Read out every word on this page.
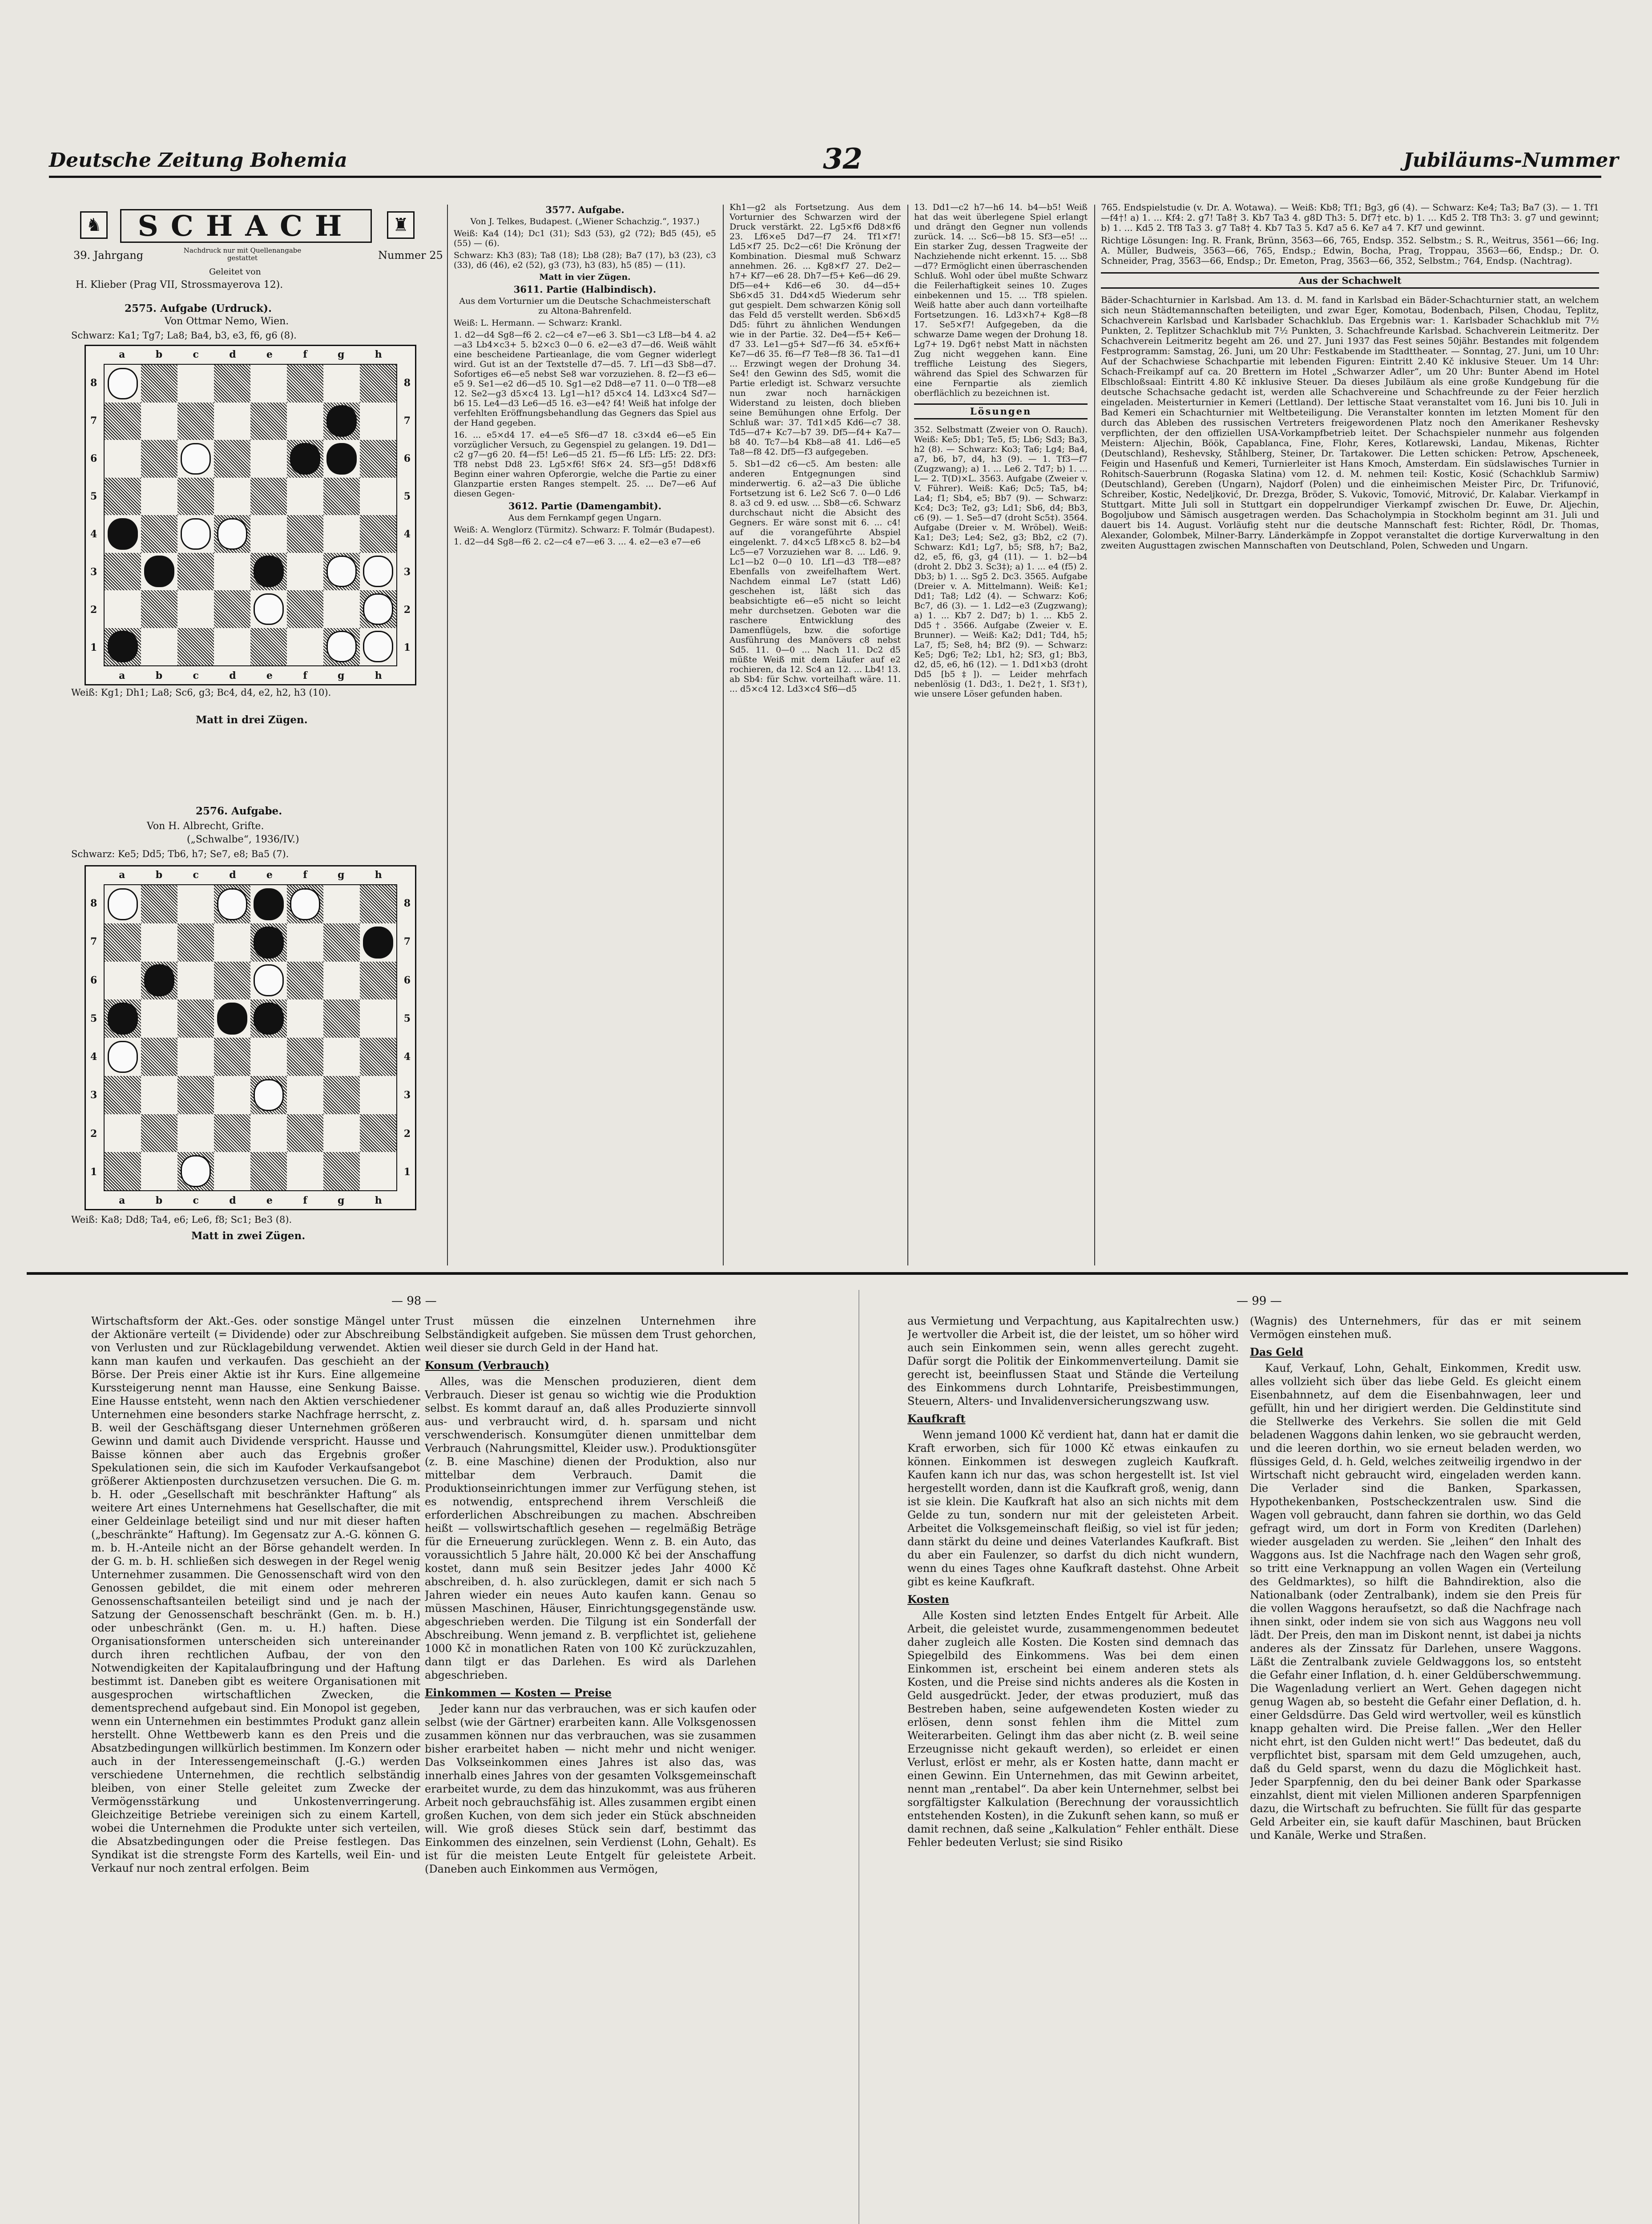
Deutsche Zeitung Bohemia	32	Jubiläums-Nummer
♞	SCHACH	♜
39. Jahrgang	Nachdruck nur mit Quellenangabe gestattet	Nummer 25
Geleitet von
H. Klieber (Prag VII, Strossmayerova 12).
2575. Aufgabe (Urdruck).
Von Ottmar Nemo, Wien.
Schwarz: Ka1; Tg7; La8; Ba4, b3, e3, f6, g6 (8).
a	b	c	d	e	f	g	h
8
7
6
5
4
3
2
1
8
7
6
5
4
3
2
1
a	b	c	d	e	f	g	h
Weiß: Kg1; Dh1; La8; Sc6, g3; Bc4, d4, e2, h2, h3 (10).
Matt in drei Zügen.
2576. Aufgabe.
Von H. Albrecht, Grifte.
(„Schwalbe“, 1936/IV.)
Schwarz: Ke5; Dd5; Tb6, h7; Se7, e8; Ba5 (7).
a	b	c	d	e	f	g	h
8
7
6
5
4
3
2
1
8
7
6
5
4
3
2
1
a	b	c	d	e	f	g	h
Weiß: Ka8; Dd8; Ta4, e6; Le6, f8; Sc1; Be3 (8).
Matt in zwei Zügen.
3577. Aufgabe.

Von J. Telkes, Budapest. („Wiener Schachzig.“, 1937.)

Weiß: Ka4 (14); Dc1 (31); Sd3 (53), g2 (72); Bd5 (45), e5 (55) — (6).

Schwarz: Kh3 (83); Ta8 (18); Lb8 (28); Ba7 (17), b3 (23), c3 (33), d6 (46), e2 (52), g3 (73), h3 (83), h5 (85) — (11).

Matt in vier Zügen.

3611. Partie (Halbindisch).

Aus dem Vorturnier um die Deutsche Schachmeisterschaft zu Altona-Bahrenfeld.

Weiß: L. Hermann. — Schwarz: Krankl.

1. d2—d4 Sg8—f6 2. c2—c4 e7—e6 3. Sb1—c3 Lf8—b4 4. a2—a3 Lb4×c3+ 5. b2×c3 0—0 6. e2—e3 d7—d6. Weiß wählt eine bescheidene Partieanlage, die vom Gegner widerlegt wird. Gut ist an der Textstelle d7—d5. 7. Lf1—d3 Sb8—d7. Sofortiges e6—e5 nebst Se8 war vorzuziehen. 8. f2—f3 e6—e5 9. Se1—e2 d6—d5 10. Sg1—e2 Dd8—e7 11. 0—0 Tf8—e8 12. Se2—g3 d5×c4 13. Lg1—h1? d5×c4 14. Ld3×c4 Sd7—b6 15. Le4—d3 Le6—d5 16. e3—e4? f4! Weiß hat infolge der verfehlten Eröffnungsbehandlung das Gegners das Spiel aus der Hand gegeben.

16. ... e5×d4 17. e4—e5 Sf6—d7 18. c3×d4 e6—e5 Ein vorzüglicher Versuch, zu Gegenspiel zu gelangen. 19. Dd1—c2 g7—g6 20. f4—f5! Le6—d5 21. f5—f6 Lf5: Lf5: 22. Df3: Tf8 nebst Dd8 23. Lg5×f6! Sf6× 24. Sf3—g5! Dd8×f6 Beginn einer wahren Opferorgie, welche die Partie zu einer Glanzpartie ersten Ranges stempelt. 25. ... De7—e6 Auf diesen Gegen-

3612. Partie (Damengambit).

Aus dem Fernkampf gegen Ungarn.

Weiß: A. Wenglorz (Türmitz). Schwarz: F. Tolmár (Budapest).

1. d2—d4 Sg8—f6 2. c2—c4 e7—e6 3. ... 4. e2—e3 e7—e6

Kh1—g2 als Fortsetzung. Aus dem Vorturnier des Schwarzen wird der Druck verstärkt. 22. Lg5×f6 Dd8×f6 23. Lf6×e5 Dd7—f7 24. Tf1×f7! Ld5×f7 25. Dc2—c6! Die Krönung der Kombination. Diesmal muß Schwarz annehmen. 26. ... Kg8×f7 27. De2—h7+ Kf7—e6 28. Dh7—f5+ Ke6—d6 29. Df5—e4+ Kd6—e6 30. d4—d5+ Sb6×d5 31. Dd4×d5 Wiederum sehr gut gespielt. Dem schwarzen König soll das Feld d5 verstellt werden. Sb6×d5 Dd5: führt zu ähnlichen Wendungen wie in der Partie. 32. De4—f5+ Ke6—d7 33. Le1—g5+ Sd7—f6 34. e5×f6+ Ke7—d6 35. f6—f7 Te8—f8 36. Ta1—d1 ... Erzwingt wegen der Drohung 34. Se4! den Gewinn des Sd5, womit die Partie erledigt ist. Schwarz versuchte nun zwar noch harnäckigen Widerstand zu leisten, doch blieben seine Bemühungen ohne Erfolg. Der Schluß war: 37. Td1×d5 Kd6—c7 38. Td5—d7+ Kc7—b7 39. Df5—f4+ Ka7—b8 40. Tc7—b4 Kb8—a8 41. Ld6—e5 Ta8—f8 42. Df5—f3 aufgegeben.

5. Sb1—d2 c6—c5. Am besten: alle anderen Entgegnungen sind minderwertig. 6. a2—a3 Die übliche Fortsetzung ist 6. Le2 Sc6 7. 0—0 Ld6 8. a3 cd 9. ed usw. ... Sb8—c6. Schwarz durchschaut nicht die Absicht des Gegners. Er wäre sonst mit 6. ... c4! auf die vorangeführte Abspiel eingelenkt. 7. d4×c5 Lf8×c5 8. b2—b4 Lc5—e7 Vorzuziehen war 8. ... Ld6. 9. Lc1—b2 0—0 10. Lf1—d3 Tf8—e8? Ebenfalls von zweifelhaftem Wert. Nachdem einmal Le7 (statt Ld6) geschehen ist, läßt sich das beabsichtigte e6—e5 nicht so leicht mehr durchsetzen. Geboten war die raschere Entwicklung des Damenflügels, bzw. die sofortige Ausführung des Manövers c8 nebst Sd5. 11. 0—0 ... Nach 11. Dc2 d5 müßte Weiß mit dem Läufer auf e2 rochieren, da 12. Sc4 an 12. ... Lb4! 13. ab Sb4: für Schw. vorteilhaft wäre. 11. ... d5×c4 12. Ld3×c4 Sf6—d5

13. Dd1—c2 h7—h6 14. b4—b5! Weiß hat das weit überlegene Spiel erlangt und drängt den Gegner nun vollends zurück. 14. ... Sc6—b8 15. Sf3—e5! ... Ein starker Zug, dessen Tragweite der Nachziehende nicht erkennt. 15. ... Sb8—d7? Ermöglicht einen überraschenden Schluß. Wohl oder übel mußte Schwarz die Feilerhaftigkeit seines 10. Zuges einbekennen und 15. ... Tf8 spielen. Weiß hatte aber auch dann vorteilhafte Fortsetzungen. 16. Ld3×h7+ Kg8—f8 17. Se5×f7! Aufgegeben, da die schwarze Dame wegen der Drohung 18. Lg7+ 19. Dg6† nebst Matt in nächsten Zug nicht weggehen kann. Eine treffliche Leistung des Siegers, während das Spiel des Schwarzen für eine Fernpartie als ziemlich oberflächlich zu bezeichnen ist.

Lösungen

352. Selbstmatt (Zweier von O. Rauch). Weiß: Ke5; Db1; Te5, f5; Lb6; Sd3; Ba3, h2 (8). — Schwarz: Ko3; Ta6; Lg4; Ba4, a7, b6, b7, d4, h3 (9). — 1. Tf3—f7 (Zugzwang); a) 1. ... Le6 2. Td7; b) 1. ... L— 2. T(D)×L. 3563. Aufgabe (Zweier v. V. Führer). Weiß: Ka6; Dc5; Ta5, b4; La4; f1; Sb4, e5; Bb7 (9). — Schwarz: Kc4; Dc3; Te2, g3; Ld1; Sb6, d4; Bb3, c6 (9). — 1. Se5—d7 (droht Sc5‡). 3564. Aufgabe (Dreier v. M. Wröbel). Weiß: Ka1; De3; Le4; Se2, g3; Bb2, c2 (7). Schwarz: Kd1; Lg7, b5; Sf8, h7; Ba2, d2, e5, f6, g3, g4 (11). — 1. b2—b4 (droht 2. Db2 3. Sc3‡); a) 1. ... e4 (f5) 2. Db3; b) 1. ... Sg5 2. Dc3. 3565. Aufgabe (Dreier v. A. Mittelmann). Weiß: Ke1; Dd1; Ta8; Ld2 (4). — Schwarz: Ko6; Bc7, d6 (3). — 1. Ld2—e3 (Zugzwang); a) 1. ... Kb7 2. Dd7; b) 1. ... Kb5 2. Dd5†. 3566. Aufgabe (Zweier v. E. Brunner). — Weiß: Ka2; Dd1; Td4, h5; La7, f5; Se8, h4; Bf2 (9). — Schwarz: Ke5; Dg6; Te2; Lb1, h2; Sf3, g1; Bb3, d2, d5, e6, h6 (12). — 1. Dd1×b3 (droht Dd5 [b5‡]). — Leider mehrfach nebenlösig (1. Dd3:, 1. De2†, 1. Sf3†), wie unsere Löser gefunden haben.

765. Endspielstudie (v. Dr. A. Wotawa). — Weiß: Kb8; Tf1; Bg3, g6 (4). — Schwarz: Ke4; Ta3; Ba7 (3). — 1. Tf1—f4†! a) 1. ... Kf4: 2. g7! Ta8† 3. Kb7 Ta3 4. g8D Th3: 5. Df7† etc. b) 1. ... Kd5 2. Tf8 Th3: 3. g7 und gewinnt; b) 1. ... Kd5 2. Tf8 Ta3 3. g7 Ta8† 4. Kb7 Ta3 5. Kd7 a5 6. Ke7 a4 7. Kf7 und gewinnt.

Richtige Lösungen: Ing. R. Frank, Brünn, 3563—66, 765, Endsp. 352. Selbstm.; S. R., Weitrus, 3561—66; Ing. A. Müller, Budweis, 3563—66, 765, Endsp.; Edwin, Bocha, Prag, Troppau, 3563—66, Endsp.; Dr. O. Schneider, Prag, 3563—66, Endsp.; Dr. Emeton, Prag, 3563—66, 352, Selbstm.; 764, Endsp. (Nachtrag).

Aus der Schachwelt

Bäder-Schachturnier in Karlsbad. Am 13. d. M. fand in Karlsbad ein Bäder-Schachturnier statt, an welchem sich neun Städtemannschaften beteiligten, und zwar Eger, Komotau, Bodenbach, Pilsen, Chodau, Teplitz, Schachverein Karlsbad und Karlsbader Schachklub. Das Ergebnis war: 1. Karlsbader Schachklub mit 7½ Punkten, 2. Teplitzer Schachklub mit 7½ Punkten, 3. Schachfreunde Karlsbad. Schachverein Leitmeritz. Der Schachverein Leitmeritz begeht am 26. und 27. Juni 1937 das Fest seines 50jähr. Bestandes mit folgendem Festprogramm: Samstag, 26. Juni, um 20 Uhr: Festkabende im Stadttheater. — Sonntag, 27. Juni, um 10 Uhr: Auf der Schachwiese Schachpartie mit lebenden Figuren: Eintritt 2.40 Kč inklusive Steuer. Um 14 Uhr: Schach-Freikampf auf ca. 20 Brettern im Hotel „Schwarzer Adler“, um 20 Uhr: Bunter Abend im Hotel Elbschloßsaal: Eintritt 4.80 Kč inklusive Steuer. Da dieses Jubiläum als eine große Kundgebung für die deutsche Schachsache gedacht ist, werden alle Schachvereine und Schachfreunde zu der Feier herzlich eingeladen. Meisterturnier in Kemeri (Lettland). Der lettische Staat veranstaltet vom 16. Juni bis 10. Juli in Bad Kemeri ein Schachturnier mit Weltbeteiligung. Die Veranstalter konnten im letzten Moment für den durch das Ableben des russischen Vertreters freigewordenen Platz noch den Amerikaner Reshevsky verpflichten, der den offiziellen USA-Vorkampfbetrieb leitet. Der Schachspieler nunmehr aus folgenden Meistern: Aljechin, Böök, Capablanca, Fine, Flohr, Keres, Kotlarewski, Landau, Mikenas, Richter (Deutschland), Reshevsky, Ståhlberg, Steiner, Dr. Tartakower. Die Letten schicken: Petrow, Apscheneek, Feigin und Hasenfuß und Kemeri, Turnierleiter ist Hans Kmoch, Amsterdam. Ein südslawisches Turnier in Rohitsch-Sauerbrunn (Rogaska Slatina) vom 12. d. M. nehmen teil: Kostic, Kosić (Schachklub Sarmiw) (Deutschland), Gereben (Ungarn), Najdorf (Polen) und die einheimischen Meister Pirc, Dr. Trifunović, Schreiber, Kostic, Nedeljković, Dr. Drezga, Bröder, S. Vukovic, Tomović, Mitrović, Dr. Kalabar. Vierkampf in Stuttgart. Mitte Juli soll in Stuttgart ein doppelrundiger Vierkampf zwischen Dr. Euwe, Dr. Aljechin, Bogoljubow und Sämisch ausgetragen werden. Das Schacholympia in Stockholm beginnt am 31. Juli und dauert bis 14. August. Vorläufig steht nur die deutsche Mannschaft fest: Richter, Rödl, Dr. Thomas, Alexander, Golombek, Milner-Barry. Länderkämpfe in Zoppot veranstaltet die dortige Kurverwaltung in den zweiten Augusttagen zwischen Mannschaften von Deutschland, Polen, Schweden und Ungarn.

— 98 —	— 99 —

Wirtschaftsform der Akt.-Ges. oder sonstige Mängel unter der Aktionäre verteilt (= Dividende) oder zur Abschreibung von Verlusten und zur Rücklagebildung verwendet. Aktien kann man kaufen und verkaufen. Das geschieht an der Börse. Der Preis einer Aktie ist ihr Kurs. Eine allgemeine Kurssteigerung nennt man Hausse, eine Senkung Baisse. Eine Hausse entsteht, wenn nach den Aktien verschiedener Unternehmen eine besonders starke Nachfrage herrscht, z. B. weil der Geschäftsgang dieser Unternehmen größeren Gewinn und damit auch Dividende verspricht. Hausse und Baisse können aber auch das Ergebnis großer Spekulationen sein, die sich im Kaufoder Verkaufsangebot größerer Aktienposten durchzusetzen versuchen. Die G. m. b. H. oder „Gesellschaft mit beschränkter Haftung“ als weitere Art eines Unternehmens hat Gesellschafter, die mit einer Geldeinlage beteiligt sind und nur mit dieser haften („beschränkte“ Haftung). Im Gegensatz zur A.-G. können G. m. b. H.-Anteile nicht an der Börse gehandelt werden. In der G. m. b. H. schließen sich deswegen in der Regel wenig Unternehmer zusammen. Die Genossenschaft wird von den Genossen gebildet, die mit einem oder mehreren Genossenschaftsanteilen beteiligt sind und je nach der Satzung der Genossenschaft beschränkt (Gen. m. b. H.) oder unbeschränkt (Gen. m. u. H.) haften. Diese Organisationsformen unterscheiden sich untereinander durch ihren rechtlichen Aufbau, der von den Notwendigkeiten der Kapitalaufbringung und der Haftung bestimmt ist. Daneben gibt es weitere Organisationen mit ausgesprochen wirtschaftlichen Zwecken, die dementsprechend aufgebaut sind. Ein Monopol ist gegeben, wenn ein Unternehmen ein bestimmtes Produkt ganz allein herstellt. Ohne Wettbewerb kann es den Preis und die Absatzbedingungen willkürlich bestimmen. Im Konzern oder auch in der Interessengemeinschaft (J.-G.) werden verschiedene Unternehmen, die rechtlich selbständig bleiben, von einer Stelle geleitet zum Zwecke der Vermögensstärkung und Unkostenverringerung. Gleichzeitige Betriebe vereinigen sich zu einem Kartell, wobei die Unternehmen die Produkte unter sich verteilen, die Absatzbedingungen oder die Preise festlegen. Das Syndikat ist die strengste Form des Kartells, weil Ein- und Verkauf nur noch zentral erfolgen. Beim

Trust müssen die einzelnen Unternehmen ihre Selbständigkeit aufgeben. Sie müssen dem Trust gehorchen, weil dieser sie durch Geld in der Hand hat.

Konsum (Verbrauch)

Alles, was die Menschen produzieren, dient dem Verbrauch. Dieser ist genau so wichtig wie die Produktion selbst. Es kommt darauf an, daß alles Produzierte sinnvoll aus- und verbraucht wird, d. h. sparsam und nicht verschwenderisch. Konsumgüter dienen unmittelbar dem Verbrauch (Nahrungsmittel, Kleider usw.). Produktionsgüter (z. B. eine Maschine) dienen der Produktion, also nur mittelbar dem Verbrauch. Damit die Produktionseinrichtungen immer zur Verfügung stehen, ist es notwendig, entsprechend ihrem Verschleiß die erforderlichen Abschreibungen zu machen. Abschreiben heißt — vollswirtschaftlich gesehen — regelmäßig Beträge für die Erneuerung zurücklegen. Wenn z. B. ein Auto, das voraussichtlich 5 Jahre hält, 20.000 Kč bei der Anschaffung kostet, dann muß sein Besitzer jedes Jahr 4000 Kč abschreiben, d. h. also zurücklegen, damit er sich nach 5 Jahren wieder ein neues Auto kaufen kann. Genau so müssen Maschinen, Häuser, Einrichtungsgegenstände usw. abgeschrieben werden. Die Tilgung ist ein Sonderfall der Abschreibung. Wenn jemand z. B. verpflichtet ist, geliehene 1000 Kč in monatlichen Raten von 100 Kč zurückzuzahlen, dann tilgt er das Darlehen. Es wird als Darlehen abgeschrieben.

Einkommen — Kosten — Preise

Jeder kann nur das verbrauchen, was er sich kaufen oder selbst (wie der Gärtner) erarbeiten kann. Alle Volksgenossen zusammen können nur das verbrauchen, was sie zusammen bisher erarbeitet haben — nicht mehr und nicht weniger. Das Volkseinkommen eines Jahres ist also das, was innerhalb eines Jahres von der gesamten Volksgemeinschaft erarbeitet wurde, zu dem das hinzukommt, was aus früheren Arbeit noch gebrauchsfähig ist. Alles zusammen ergibt einen großen Kuchen, von dem sich jeder ein Stück abschneiden will. Wie groß dieses Stück sein darf, bestimmt das Einkommen des einzelnen, sein Verdienst (Lohn, Gehalt). Es ist für die meisten Leute Entgelt für geleistete Arbeit. (Daneben auch Einkommen aus Vermögen,

aus Vermietung und Verpachtung, aus Kapitalrechten usw.) Je wertvoller die Arbeit ist, die der leistet, um so höher wird auch sein Einkommen sein, wenn alles gerecht zugeht. Dafür sorgt die Politik der Einkommenverteilung. Damit sie gerecht ist, beeinflussen Staat und Stände die Verteilung des Einkommens durch Lohntarife, Preisbestimmungen, Steuern, Alters- und Invalidenversicherungszwang usw.

Kaufkraft

Wenn jemand 1000 Kč verdient hat, dann hat er damit die Kraft erworben, sich für 1000 Kč etwas einkaufen zu können. Einkommen ist deswegen zugleich Kaufkraft. Kaufen kann ich nur das, was schon hergestellt ist. Ist viel hergestellt worden, dann ist die Kaufkraft groß, wenig, dann ist sie klein. Die Kaufkraft hat also an sich nichts mit dem Gelde zu tun, sondern nur mit der geleisteten Arbeit. Arbeitet die Volksgemeinschaft fleißig, so viel ist für jeden; dann stärkt du deine und deines Vaterlandes Kaufkraft. Bist du aber ein Faulenzer, so darfst du dich nicht wundern, wenn du eines Tages ohne Kaufkraft dastehst. Ohne Arbeit gibt es keine Kaufkraft.

Kosten

Alle Kosten sind letzten Endes Entgelt für Arbeit. Alle Arbeit, die geleistet wurde, zusammengenommen bedeutet daher zugleich alle Kosten. Die Kosten sind demnach das Spiegelbild des Einkommens. Was bei dem einen Einkommen ist, erscheint bei einem anderen stets als Kosten, und die Preise sind nichts anderes als die Kosten in Geld ausgedrückt. Jeder, der etwas produziert, muß das Bestreben haben, seine aufgewendeten Kosten wieder zu erlösen, denn sonst fehlen ihm die Mittel zum Weiterarbeiten. Gelingt ihm das aber nicht (z. B. weil seine Erzeugnisse nicht gekauft werden), so erleidet er einen Verlust, erlöst er mehr, als er Kosten hatte, dann macht er einen Gewinn. Ein Unternehmen, das mit Gewinn arbeitet, nennt man „rentabel“. Da aber kein Unternehmer, selbst bei sorgfältigster Kalkulation (Berechnung der voraussichtlich entstehenden Kosten), in die Zukunft sehen kann, so muß er damit rechnen, daß seine „Kalkulation“ Fehler enthält. Diese Fehler bedeuten Verlust; sie sind Risiko

(Wagnis) des Unternehmers, für das er mit seinem Vermögen einstehen muß.

Das Geld

Kauf, Verkauf, Lohn, Gehalt, Einkommen, Kredit usw. alles vollzieht sich über das liebe Geld. Es gleicht einem Eisenbahnnetz, auf dem die Eisenbahnwagen, leer und gefüllt, hin und her dirigiert werden. Die Geldinstitute sind die Stellwerke des Verkehrs. Sie sollen die mit Geld beladenen Waggons dahin lenken, wo sie gebraucht werden, und die leeren dorthin, wo sie erneut beladen werden, wo flüssiges Geld, d. h. Geld, welches zeitweilig irgendwo in der Wirtschaft nicht gebraucht wird, eingeladen werden kann. Die Verlader sind die Banken, Sparkassen, Hypothekenbanken, Postscheckzentralen usw. Sind die Wagen voll gebraucht, dann fahren sie dorthin, wo das Geld gefragt wird, um dort in Form von Krediten (Darlehen) wieder ausgeladen zu werden. Sie „leihen“ den Inhalt des Waggons aus. Ist die Nachfrage nach den Wagen sehr groß, so tritt eine Verknappung an vollen Wagen ein (Verteilung des Geldmarktes), so hilft die Bahndirektion, also die Nationalbank (oder Zentralbank), indem sie den Preis für die vollen Waggons heraufsetzt, so daß die Nachfrage nach ihnen sinkt, oder indem sie von sich aus Waggons neu voll lädt. Der Preis, den man im Diskont nennt, ist dabei ja nichts anderes als der Zinssatz für Darlehen, unsere Waggons. Läßt die Zentralbank zuviele Geldwaggons los, so entsteht die Gefahr einer Inflation, d. h. einer Geldüberschwemmung. Die Wagenladung verliert an Wert. Gehen dagegen nicht genug Wagen ab, so besteht die Gefahr einer Deflation, d. h. einer Geldsdürre. Das Geld wird wertvoller, weil es künstlich knapp gehalten wird. Die Preise fallen. „Wer den Heller nicht ehrt, ist den Gulden nicht wert!“ Das bedeutet, daß du verpflichtet bist, sparsam mit dem Geld umzugehen, auch, daß du Geld sparst, wenn du dazu die Möglichkeit hast. Jeder Sparpfennig, den du bei deiner Bank oder Sparkasse einzahlst, dient mit vielen Millionen anderen Sparpfennigen dazu, die Wirtschaft zu befruchten. Sie füllt für das gesparte Geld Arbeiter ein, sie kauft dafür Maschinen, baut Brücken und Kanäle, Werke und Straßen.
